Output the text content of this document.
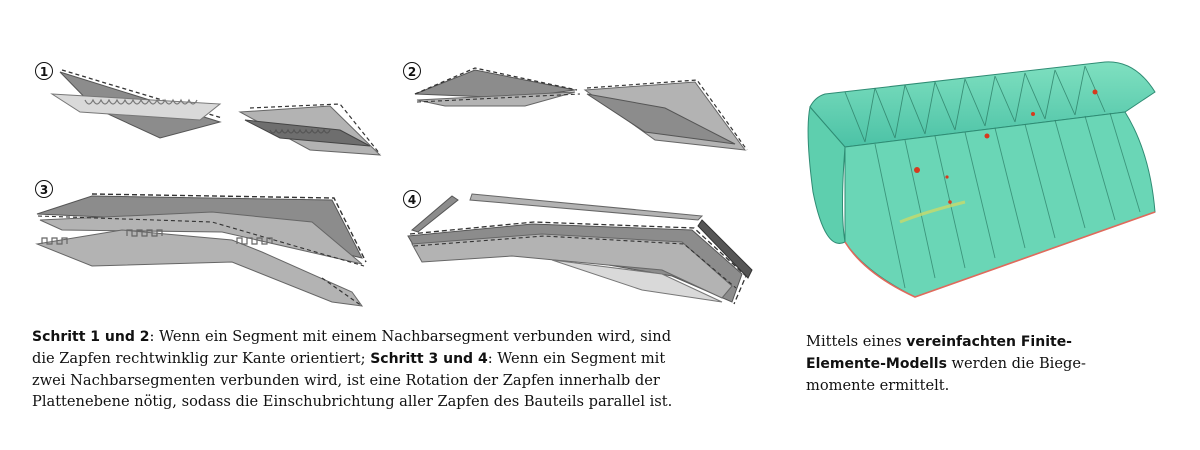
1	2
3
4
Schritt 1 und 2: Wenn ein Segment mit einem Nachbarsegment verbunden wird, sind
die Zapfen rechtwinklig zur Kante orientiert; Schritt 3 und 4: Wenn ein Segment mit
zwei Nachbarsegmenten verbunden wird, ist eine Rotation der Zapfen innerhalb der
Plattenebene nötig, sodass die Einschubrichtung aller Zapfen des Bauteils parallel ist.
Mittels eines vereinfachten Finite-
Elemente-Modells werden die Biege-
momente ermittelt.
